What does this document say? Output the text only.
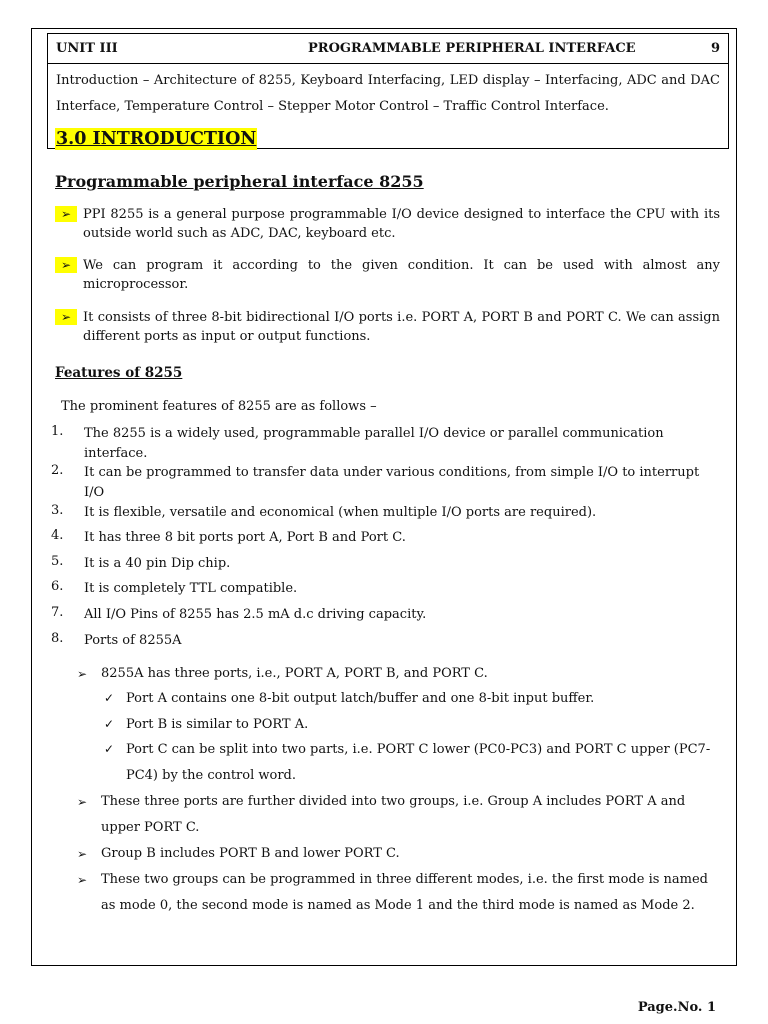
UNIT III	PROGRAMMABLE PERIPHERAL INTERFACE	9
Introduction – Architecture of 8255, Keyboard Interfacing, LED display – Interfacing, ADC and DAC Interface, Temperature Control – Stepper Motor Control – Traffic Control Interface.
3.0 INTRODUCTION
Programmable peripheral interface 8255
➢ PPI 8255 is a general purpose programmable I/O device designed to interface the CPU with its outside world such as ADC, DAC, keyboard etc.
➢ We can program it according to the given condition. It can be used with almost any microprocessor.
➢ It consists of three 8-bit bidirectional I/O ports i.e. PORT A, PORT B and PORT C. We can assign different ports as input or output functions.
Features of 8255
The prominent features of 8255 are as follows –
1.	The 8255 is a widely used, programmable parallel I/O device or parallel communication interface.
2.	It can be programmed to transfer data under various conditions, from simple I/O to interrupt I/O
3.	It is flexible, versatile and economical (when multiple I/O ports are required).
4.	It has three 8 bit ports port A, Port B and Port C.
5.	It is a 40 pin Dip chip.
6.	It is completely TTL compatible.
7.	All I/O Pins of 8255 has 2.5 mA d.c driving capacity.
8.	Ports of 8255A
➢	8255A has three ports, i.e., PORT A, PORT B, and PORT C.
✓ Port A contains one 8-bit output latch/buffer and one 8-bit input buffer.
✓ Port B is similar to PORT A.
✓ Port C can be split into two parts, i.e. PORT C lower (PC0-PC3) and PORT C upper (PC7-PC4) by the control word.
➢	These three ports are further divided into two groups, i.e. Group A includes PORT A and upper PORT C.
➢	Group B includes PORT B and lower PORT C.
➢	These two groups can be programmed in three different modes, i.e. the first mode is named as mode 0, the second mode is named as Mode 1 and the third mode is named as Mode 2.
Page.No. 1
